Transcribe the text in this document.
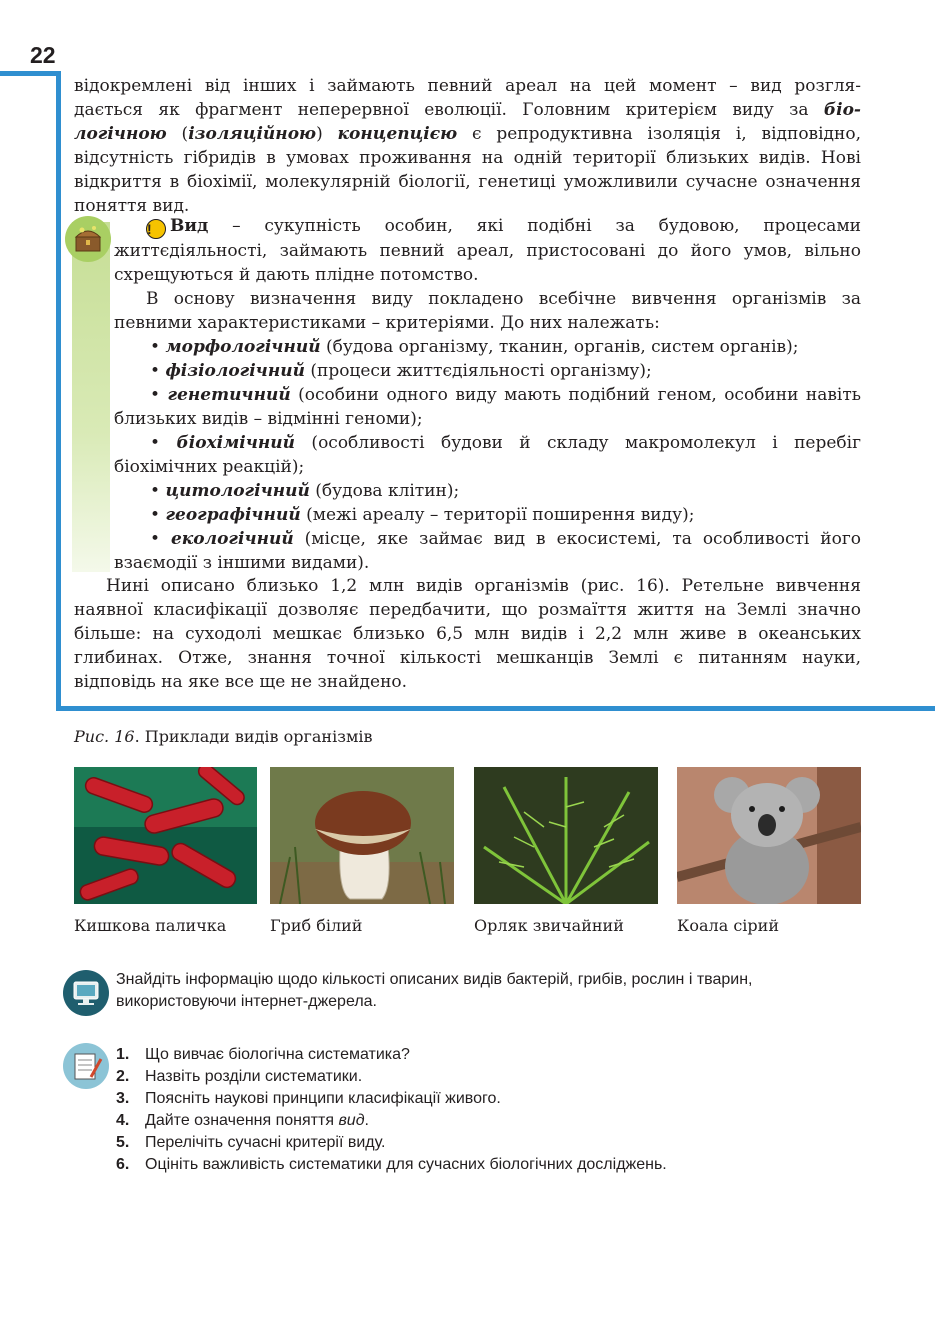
22

відокремлені від інших і займають певний ареал на цей момент – вид розгля-

дається як фрагмент неперервної еволюції. Головним критерієм виду за біо- логічною (ізоляційною) концепцією є репродуктивна ізоляція і, відповідно, відсутність гібридів в умовах проживання на одній території близьких видів. Нові відкриття в біохімії, молекулярній біології, генетиці уможливили сучасне означення поняття вид.

! Вид – сукупність особин, які подібні за будовою, процесами життєдіяльності, займають певний ареал, пристосовані до його умов, вільно схрещуються й дають плідне потомство.

В основу визначення виду покладено всебічне вивчення організмів за певними характеристиками – критеріями. До них належать:

• морфологічний (будова організму, тканин, органів, систем органів);

• фізіологічний (процеси життєдіяльності організму);

• генетичний (особини одного виду мають подібний геном, особини навіть близьких видів – відмінні геноми);

• біохімічний (особливості будови й складу макромолекул і перебіг біохімічних реакцій);

• цитологічний (будова клітин);

• географічний (межі ареалу – території поширення виду);

• екологічний (місце, яке займає вид в екосистемі, та особливості його взаємодії з іншими видами).

Нині описано близько 1,2 млн видів організмів (рис. 16). Ретельне вивчення наявної класифікації дозволяє передбачити, що розмаїття життя на Землі значно більше: на суходолі мешкає близько 6,5 млн видів і 2,2 млн живе в океанських глибинах. Отже, знання точної кількості мешканців Землі є питанням науки, відповідь на яке все ще не знайдено.

Рис. 16. Приклади видів організмів
Кишкова паличка	Гриб білий	Орляк звичайний	Коала сірий
Знайдіть інформацію щодо кількості описаних видів бактерій, грибів, рослин і тварин, використовуючи інтернет-джерела.
1. Що вивчає біологічна систематика?
2. Назвіть розділи систематики.
3. Поясніть наукові принципи класифікації живого.
4. Дайте означення поняття вид.
5. Перелічіть сучасні критерії виду.
6. Оцініть важливість систематики для сучасних біологічних досліджень.
